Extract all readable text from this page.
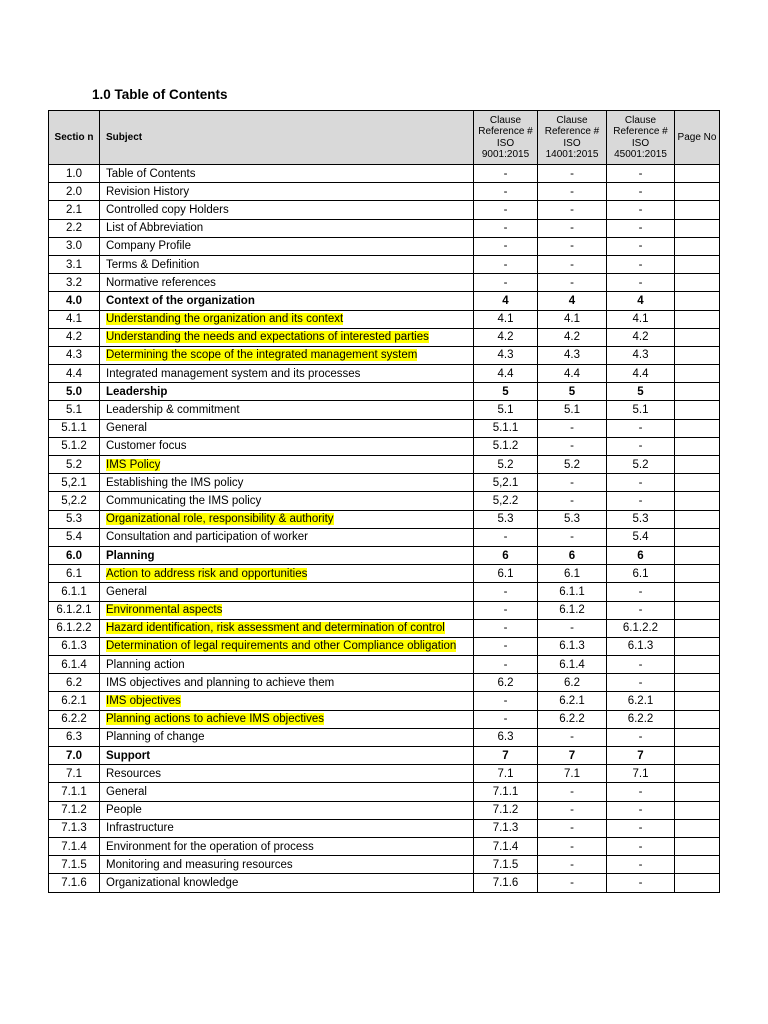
1.0 Table of Contents
Sectio n	Subject	Clause Reference # ISO 9001:2015	Clause Reference # ISO 14001:2015	Clause Reference # ISO 45001:2015	Page No
1.0	Table of Contents	-	-	-	
2.0	Revision History	-	-	-	
2.1	Controlled copy Holders	-	-	-	
2.2	List of Abbreviation	-	-	-	
3.0	Company Profile	-	-	-	
3.1	Terms & Definition	-	-	-	
3.2	Normative references	-	-	-	
4.0	Context of the organization	4	4	4	
4.1	Understanding the organization and its context	4.1	4.1	4.1	
4.2	Understanding the needs and expectations of interested parties	4.2	4.2	4.2	
4.3	Determining the scope of the integrated management system	4.3	4.3	4.3	
4.4	Integrated management system and its processes	4.4	4.4	4.4	
5.0	Leadership	5	5	5	
5.1	Leadership & commitment	5.1	5.1	5.1	
5.1.1	General	5.1.1	-	-	
5.1.2	Customer focus	5.1.2	-	-	
5.2	IMS Policy	5.2	5.2	5.2	
5,2.1	Establishing the IMS policy	5,2.1	-	-	
5,2.2	Communicating the IMS policy	5,2.2	-	-	
5.3	Organizational role, responsibility & authority	5.3	5.3	5.3	
5.4	Consultation and participation of worker	-	-	5.4	
6.0	Planning	6	6	6	
6.1	Action to address risk and opportunities	6.1	6.1	6.1	
6.1.1	General	-	6.1.1	-	
6.1.2.1	Environmental aspects	-	6.1.2	-	
6.1.2.2	Hazard identification, risk assessment and determination of control	-	-	6.1.2.2	
6.1.3	Determination of legal requirements and other Compliance obligation	-	6.1.3	6.1.3	
6.1.4	Planning action	-	6.1.4	-	
6.2	IMS objectives and planning to achieve them	6.2	6.2	-	
6.2.1	IMS objectives	-	6.2.1	6.2.1	
6.2.2	Planning actions to achieve IMS objectives	-	6.2.2	6.2.2	
6.3	Planning of change	6.3	-	-	
7.0	Support	7	7	7	
7.1	Resources	7.1	7.1	7.1	
7.1.1	General	7.1.1	-	-	
7.1.2	People	7.1.2	-	-	
7.1.3	Infrastructure	7.1.3	-	-	
7.1.4	Environment for the operation of process	7.1.4	-	-	
7.1.5	Monitoring and measuring resources	7.1.5	-	-	
7.1.6	Organizational knowledge	7.1.6	-	-	
